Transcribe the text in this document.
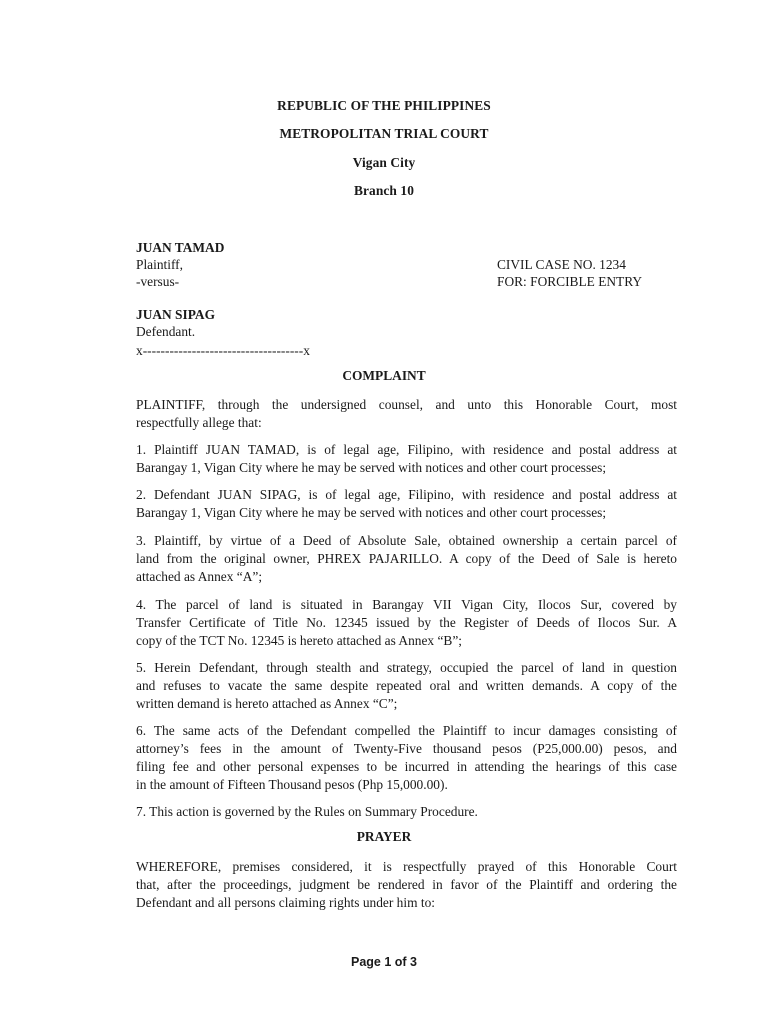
REPUBLIC OF THE PHILIPPINES
METROPOLITAN TRIAL COURT
Vigan City
Branch 10
JUAN TAMAD
Plaintiff,
-versus-
CIVIL CASE NO. 1234
FOR: FORCIBLE ENTRY
JUAN SIPAG
Defendant.
x------------------------------------x
COMPLAINT
PLAINTIFF, through the undersigned counsel, and unto this Honorable Court, most
respectfully allege that:
1. Plaintiff JUAN TAMAD, is of legal age, Filipino, with residence and postal address at
Barangay 1, Vigan City where he may be served with notices and other court processes;
2. Defendant JUAN SIPAG, is of legal age, Filipino, with residence and postal address at
Barangay 1, Vigan City where he may be served with notices and other court processes;
3. Plaintiff, by virtue of a Deed of Absolute Sale, obtained ownership a certain parcel of
land from the original owner, PHREX PAJARILLO. A copy of the Deed of Sale is hereto
attached as Annex “A”;
4. The parcel of land is situated in Barangay VII Vigan City, Ilocos Sur, covered by
Transfer Certificate of Title No. 12345 issued by the Register of Deeds of Ilocos Sur. A
copy of the TCT No. 12345 is hereto attached as Annex “B”;
5. Herein Defendant, through stealth and strategy, occupied the parcel of land in question
and refuses to vacate the same despite repeated oral and written demands. A copy of the
written demand is hereto attached as Annex “C”;
6. The same acts of the Defendant compelled the Plaintiff to incur damages consisting of
attorney’s fees in the amount of Twenty-Five thousand pesos (P25,000.00) pesos, and
filing fee and other personal expenses to be incurred in attending the hearings of this case
in the amount of Fifteen Thousand pesos (Php 15,000.00).
7. This action is governed by the Rules on Summary Procedure.
PRAYER
WHEREFORE, premises considered, it is respectfully prayed of this Honorable Court
that, after the proceedings, judgment be rendered in favor of the Plaintiff and ordering the
Defendant and all persons claiming rights under him to:
Page 1 of 3
